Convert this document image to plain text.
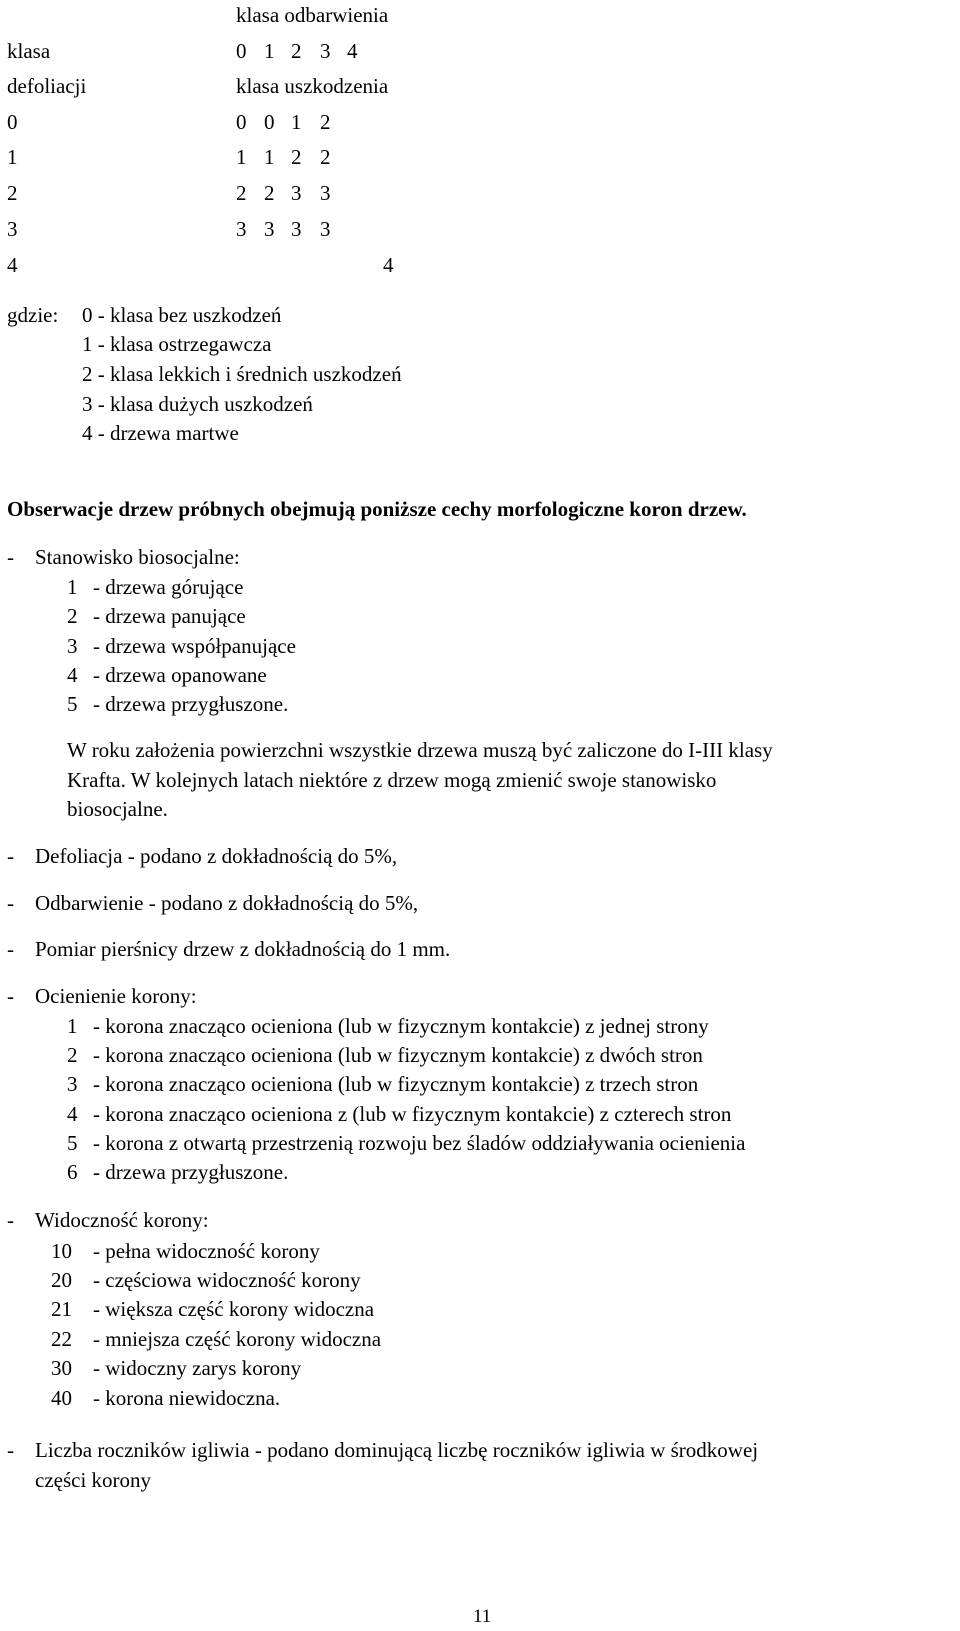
klasa odbarwienia
klasa	0 1 2 3 4
defoliacji	klasa uszkodzenia
0	0 0 1 2
1	1 1 2 2
2	2 2 3 3
3	3 3 3 3
4	4
gdzie: 0 - klasa bez uszkodzeń
1 - klasa ostrzegawcza
2 - klasa lekkich i średnich uszkodzeń
3 - klasa dużych uszkodzeń
4 - drzewa martwe
Obserwacje drzew próbnych obejmują poniższe cechy morfologiczne koron drzew.
- Stanowisko biosocjalne:
1 - drzewa górujące
2 - drzewa panujące
3 - drzewa współpanujące
4 - drzewa opanowane
5 - drzewa przygłuszone.
W roku założenia powierzchni wszystkie drzewa muszą być zaliczone do I-III klasy
Krafta. W kolejnych latach niektóre z drzew mogą zmienić swoje stanowisko
biosocjalne.
- Defoliacja - podano z dokładnością do 5%,
- Odbarwienie - podano z dokładnością do 5%,
- Pomiar pierśnicy drzew z dokładnością do 1 mm.
- Ocienienie korony:
1 - korona znacząco ocieniona (lub w fizycznym kontakcie) z jednej strony
2 - korona znacząco ocieniona (lub w fizycznym kontakcie) z dwóch stron
3 - korona znacząco ocieniona (lub w fizycznym kontakcie) z trzech stron
4 - korona znacząco ocieniona z (lub w fizycznym kontakcie) z czterech stron
5 - korona z otwartą przestrzenią rozwoju bez śladów oddziaływania ocienienia
6 - drzewa przygłuszone.
- Widoczność korony:
10 - pełna widoczność korony
20 - częściowa widoczność korony
21 - większa część korony widoczna
22 - mniejsza część korony widoczna
30 - widoczny zarys korony
40 - korona niewidoczna.
- Liczba roczników igliwia - podano dominującą liczbę roczników igliwia w środkowej
części korony
11
